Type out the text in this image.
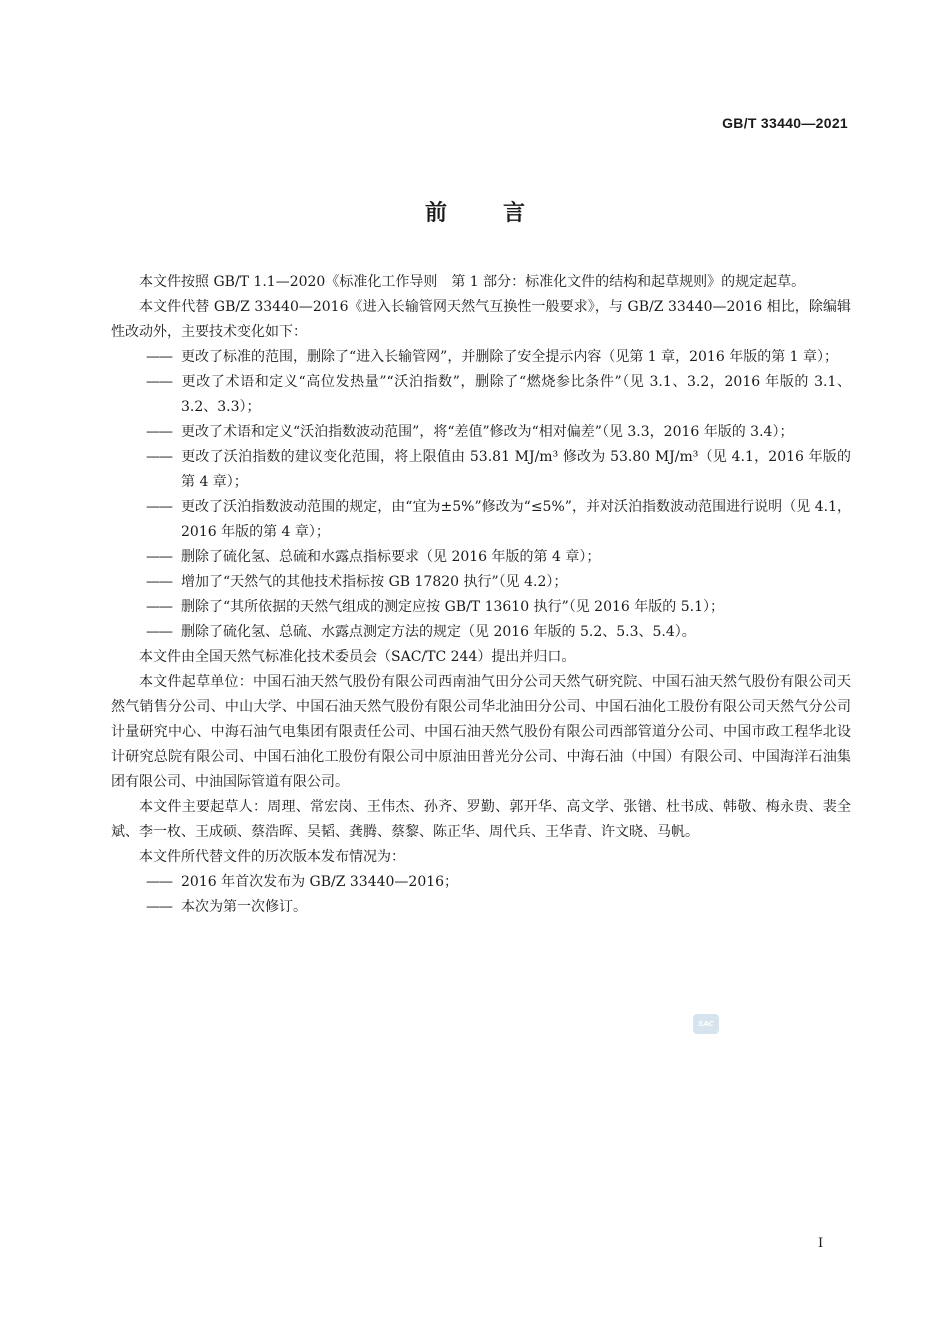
GB/T 33440—2021
前言

本文件按照 GB/T 1.1—2020《标准化工作导则　第 1 部分：标准化文件的结构和起草规则》的规定起草。

本文件代替 GB/Z 33440—2016《进入长输管网天然气互换性一般要求》，与 GB/Z 33440—2016 相比，除编辑性改动外，主要技术变化如下：

—— 更改了标准的范围，删除了“进入长输管网”，并删除了安全提示内容（见第 1 章，2016 年版的第 1 章）；

—— 更改了术语和定义“高位发热量”“沃泊指数”，删除了“燃烧参比条件”（见 3.1、3.2，2016 年版的 3.1、3.2、3.3）；

—— 更改了术语和定义“沃泊指数波动范围”，将“差值”修改为“相对偏差”（见 3.3，2016 年版的 3.4）；

—— 更改了沃泊指数的建议变化范围，将上限值由 53.81 MJ/m³ 修改为 53.80 MJ/m³（见 4.1，2016 年版的第 4 章）；

—— 更改了沃泊指数波动范围的规定，由“宜为±5%”修改为“≤5%”，并对沃泊指数波动范围进行说明（见 4.1，2016 年版的第 4 章）；

—— 删除了硫化氢、总硫和水露点指标要求（见 2016 年版的第 4 章）；

—— 增加了“天然气的其他技术指标按 GB 17820 执行”（见 4.2）；

—— 删除了“其所依据的天然气组成的测定应按 GB/T 13610 执行”（见 2016 年版的 5.1）；

—— 删除了硫化氢、总硫、水露点测定方法的规定（见 2016 年版的 5.2、5.3、5.4）。

本文件由全国天然气标准化技术委员会（SAC/TC 244）提出并归口。

本文件起草单位：中国石油天然气股份有限公司西南油气田分公司天然气研究院、中国石油天然气股份有限公司天然气销售分公司、中山大学、中国石油天然气股份有限公司华北油田分公司、中国石油化工股份有限公司天然气分公司计量研究中心、中海石油气电集团有限责任公司、中国石油天然气股份有限公司西部管道分公司、中国市政工程华北设计研究总院有限公司、中国石油化工股份有限公司中原油田普光分公司、中海石油（中国）有限公司、中国海洋石油集团有限公司、中油国际管道有限公司。

本文件主要起草人：周理、常宏岗、王伟杰、孙齐、罗勤、郭开华、高文学、张镨、杜书成、韩敬、梅永贵、裴全斌、李一枚、王成硕、蔡浩晖、吴韬、龚腾、蔡黎、陈正华、周代兵、王华青、许文晓、马帆。

本文件所代替文件的历次版本发布情况为：

—— 2016 年首次发布为 GB/Z 33440—2016；

—— 本次为第一次修订。

SAC
I
